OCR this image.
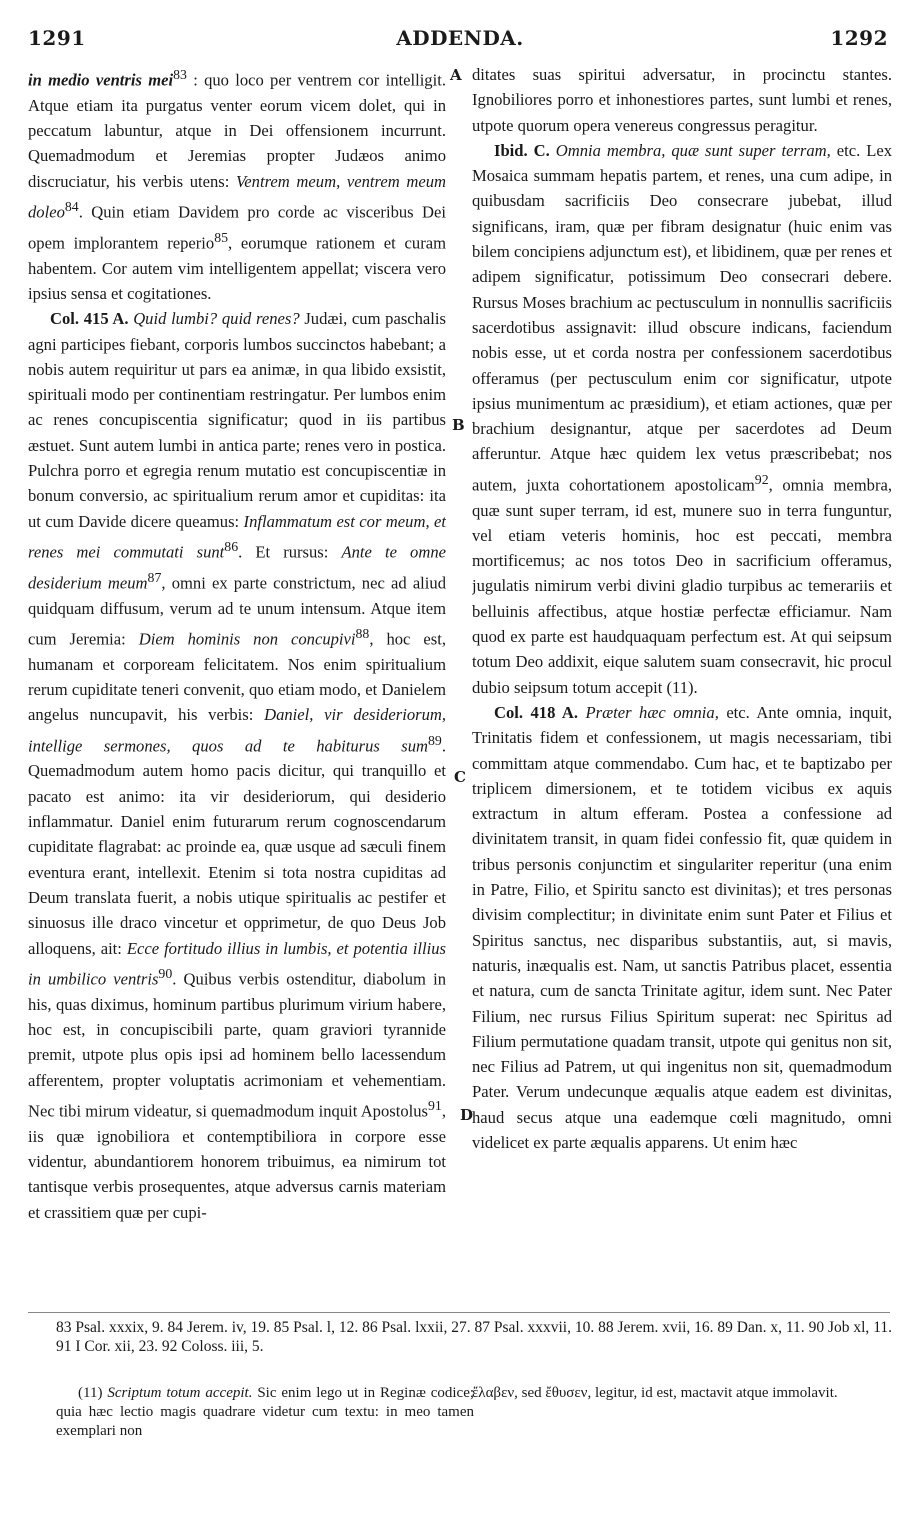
1291	ADDENDA.	1292
A
B
C
D

in medio ventris mei$^{83}$ : quo loco per ventrem cor intelligit. Atque etiam ita purgatus venter eorum vicem dolet, qui in peccatum labuntur, atque in Dei offensionem incurrunt. Quemadmodum et Jeremias propter Judæos animo discruciatur, his verbis utens: Ventrem meum, ventrem meum doleo$^{84}$. Quin etiam Davidem pro corde ac visceribus Dei opem implorantem reperio$^{85}$, eorumque rationem et curam habentem. Cor autem vim intelligentem appellat; viscera vero ipsius sensa et cogitationes.

Col. 415 A. Quid lumbi? quid renes? Judæi, cum paschalis agni participes fiebant, corporis lumbos succinctos habebant; a nobis autem requiritur ut pars ea animæ, in qua libido exsistit, spirituali modo per continentiam restringatur. Per lumbos enim ac renes concupiscentia significatur; quod in iis partibus æstuet. Sunt autem lumbi in antica parte; renes vero in postica. Pulchra porro et egregia renum mutatio est concupiscentiæ in bonum conversio, ac spiritualium rerum amor et cupiditas: ita ut cum Davide dicere queamus: Inflammatum est cor meum, et renes mei commutati sunt$^{86}$. Et rursus: Ante te omne desiderium meum$^{87}$, omni ex parte constrictum, nec ad aliud quidquam diffusum, verum ad te unum intensum. Atque item cum Jeremia: Diem hominis non concupivi$^{88}$, hoc est, humanam et corpoream felicitatem. Nos enim spiritualium rerum cupiditate teneri convenit, quo etiam modo, et Danielem angelus nuncupavit, his verbis: Daniel, vir desideriorum, intellige sermones, quos ad te habiturus sum$^{89}$. Quemadmodum autem homo pacis dicitur, qui tranquillo et pacato est animo: ita vir desideriorum, qui desiderio inflammatur. Daniel enim futurarum rerum cognoscendarum cupiditate flagrabat: ac proinde ea, quæ usque ad sæculi finem eventura erant, intellexit. Etenim si tota nostra cupiditas ad Deum translata fuerit, a nobis utique spiritualis ac pestifer et sinuosus ille draco vincetur et opprimetur, de quo Deus Job alloquens, ait: Ecce fortitudo illius in lumbis, et potentia illius in umbilico ventris$^{90}$. Quibus verbis ostenditur, diabolum in his, quas diximus, hominum partibus plurimum virium habere, hoc est, in concupiscibili parte, quam graviori tyrannide premit, utpote plus opis ipsi ad hominem bello lacessendum afferentem, propter voluptatis acrimoniam et vehementiam. Nec tibi mirum videatur, si quemadmodum inquit Apostolus$^{91}$, iis quæ ignobiliora et contemptibiliora in corpore esse videntur, abundantiorem honorem tribuimus, ea nimirum tot tantisque verbis prosequentes, atque adversus carnis materiam et crassitiem quæ per cupi-

ditates suas spiritui adversatur, in procinctu stantes. Ignobiliores porro et inhonestiores partes, sunt lumbi et renes, utpote quorum opera venereus congressus peragitur.

Ibid. C. Omnia membra, quæ sunt super terram, etc. Lex Mosaica summam hepatis partem, et renes, una cum adipe, in quibusdam sacrificiis Deo consecrare jubebat, illud significans, iram, quæ per fibram designatur (huic enim vas bilem concipiens adjunctum est), et libidinem, quæ per renes et adipem significatur, potissimum Deo consecrari debere. Rursus Moses brachium ac pectusculum in nonnullis sacrificiis sacerdotibus assignavit: illud obscure indicans, faciendum nobis esse, ut et corda nostra per confessionem sacerdotibus offeramus (per pectusculum enim cor significatur, utpote ipsius munimentum ac præsidium), et etiam actiones, quæ per brachium designantur, atque per sacerdotes ad Deum afferuntur. Atque hæc quidem lex vetus præscribebat; nos autem, juxta cohortationem apostolicam$^{92}$, omnia membra, quæ sunt super terram, id est, munere suo in terra funguntur, vel etiam veteris hominis, hoc est peccati, membra mortificemus; ac nos totos Deo in sacrificium offeramus, jugulatis nimirum verbi divini gladio turpibus ac temerariis et belluinis affectibus, atque hostiæ perfectæ efficiamur. Nam quod ex parte est haudquaquam perfectum est. At qui seipsum totum Deo addixit, eique salutem suam consecravit, hic procul dubio seipsum totum accepit (11).

Col. 418 A. Præter hæc omnia, etc. Ante omnia, inquit, Trinitatis fidem et confessionem, ut magis necessariam, tibi committam atque commendabo. Cum hac, et te baptizabo per triplicem dimersionem, et te totidem vicibus ex aquis extractum in altum efferam. Postea a confessione ad divinitatem transit, in quam fidei confessio fit, quæ quidem in tribus personis conjunctim et singulariter reperitur (una enim in Patre, Filio, et Spiritu sancto est divinitas); et tres personas divisim complectitur; in divinitate enim sunt Pater et Filius et Spiritus sanctus, nec disparibus substantiis, aut, si mavis, naturis, inæqualis est. Nam, ut sanctis Patribus placet, essentia et natura, cum de sancta Trinitate agitur, idem sunt. Nec Pater Filium, nec rursus Filius Spiritum superat: nec Spiritus ad Filium permutatione quadam transit, utpote qui genitus non sit, nec Filius ad Patrem, ut qui ingenitus non sit, quemadmodum Pater. Verum undecunque æqualis atque eadem est divinitas, haud secus atque una eademque cœli magnitudo, omni videlicet ex parte æqualis apparens. Ut enim hæc

83 Psal. xxxix, 9. 84 Jerem. iv, 19. 85 Psal. l, 12. 86 Psal. lxxii, 27. 87 Psal. xxxvii, 10. 88 Jerem. xvii, 16. 89 Dan. x, 11. 90 Job xl, 11. 91 I Cor. xii, 23. 92 Coloss. iii, 5.

(11) Scriptum totum accepit. Sic enim lego ut in Reginæ codice; quia hæc lectio magis quadrare videtur cum textu: in meo tamen exemplari non

ἔλαβεν, sed ἔθυσεν, legitur, id est, mactavit atque immolavit.
